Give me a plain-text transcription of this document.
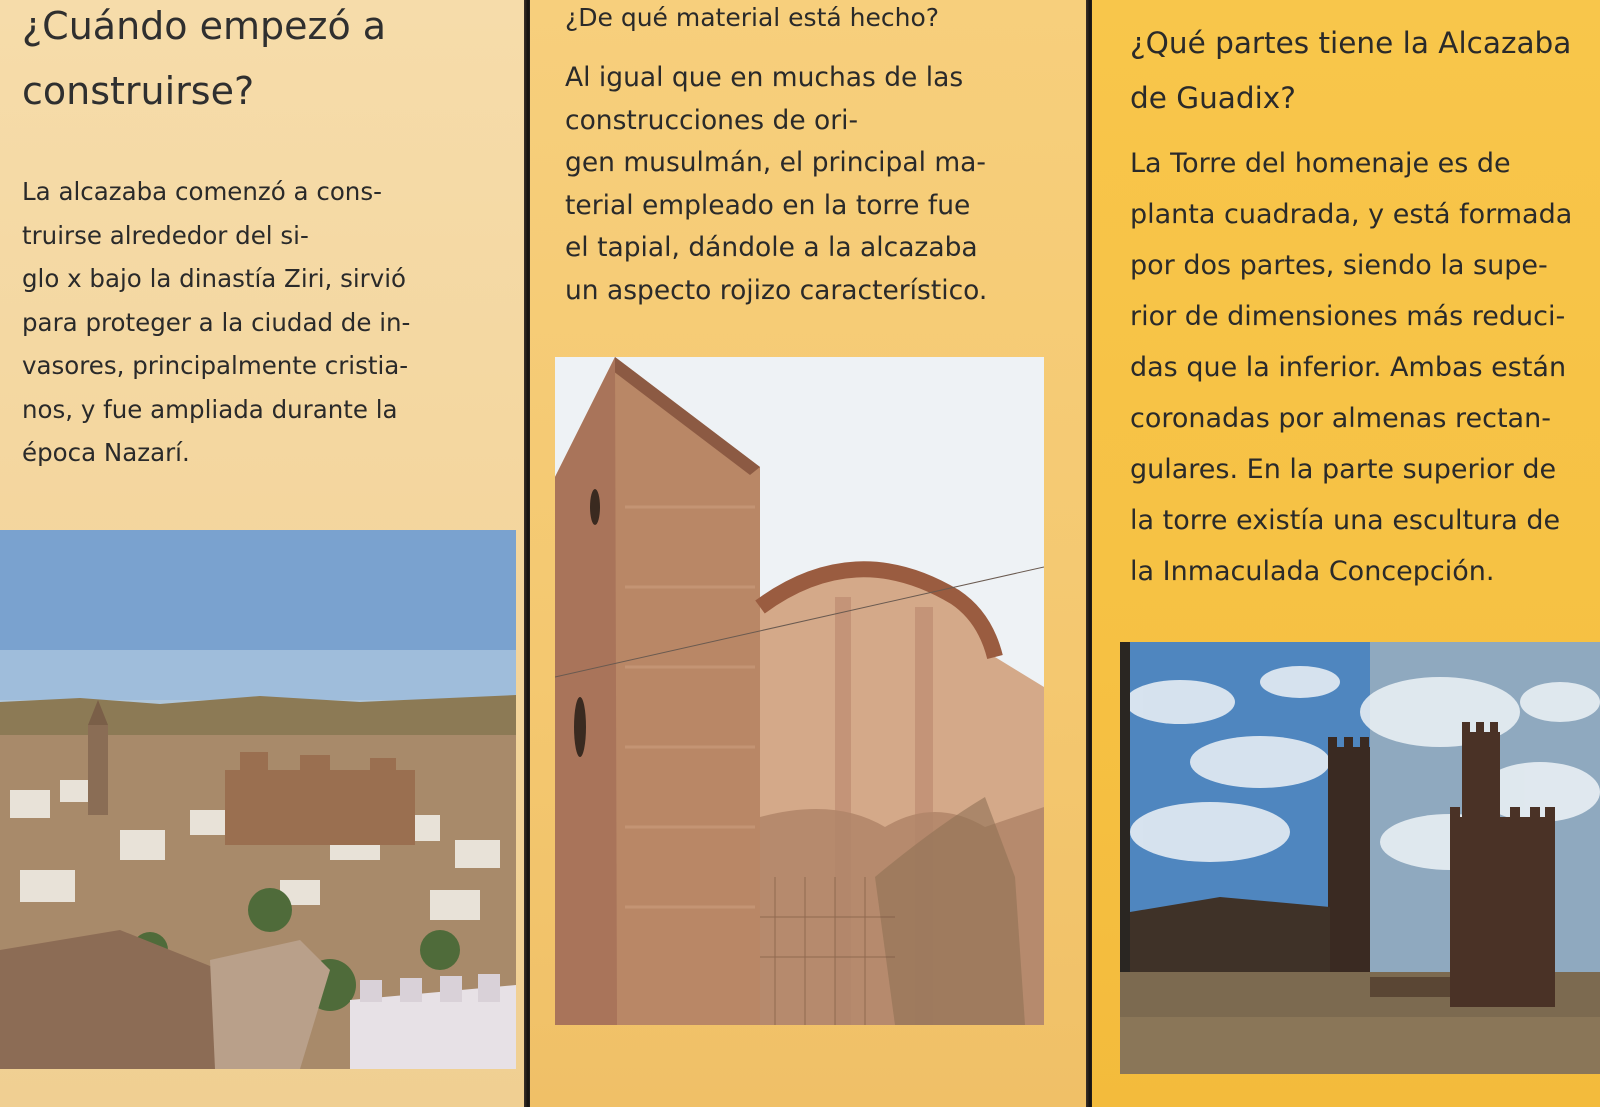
¿Cuándo empezó a
construirse?

La alcazaba comenzó a cons-
truirse alrededor del si-
glo x bajo la dinastía Ziri, sirvió
para proteger a la ciudad de in-
vasores, principalmente cristia-
nos, y fue ampliada durante la
época Nazarí.

¿De qué material está hecho?

Al igual que en muchas de las
construcciones de ori-
gen musulmán, el principal ma-
terial empleado en la torre fue
el tapial, dándole a la alcazaba
un aspecto rojizo característico.

¿Qué partes tiene la Alcazaba
de Guadix?

La Torre del homenaje es de
planta cuadrada, y está formada
por dos partes, siendo la supe-
rior de dimensiones más reduci-
das que la inferior. Ambas están
coronadas por almenas rectan-
gulares. En la parte superior de
la torre existía una escultura de
la Inmaculada Concepción.
